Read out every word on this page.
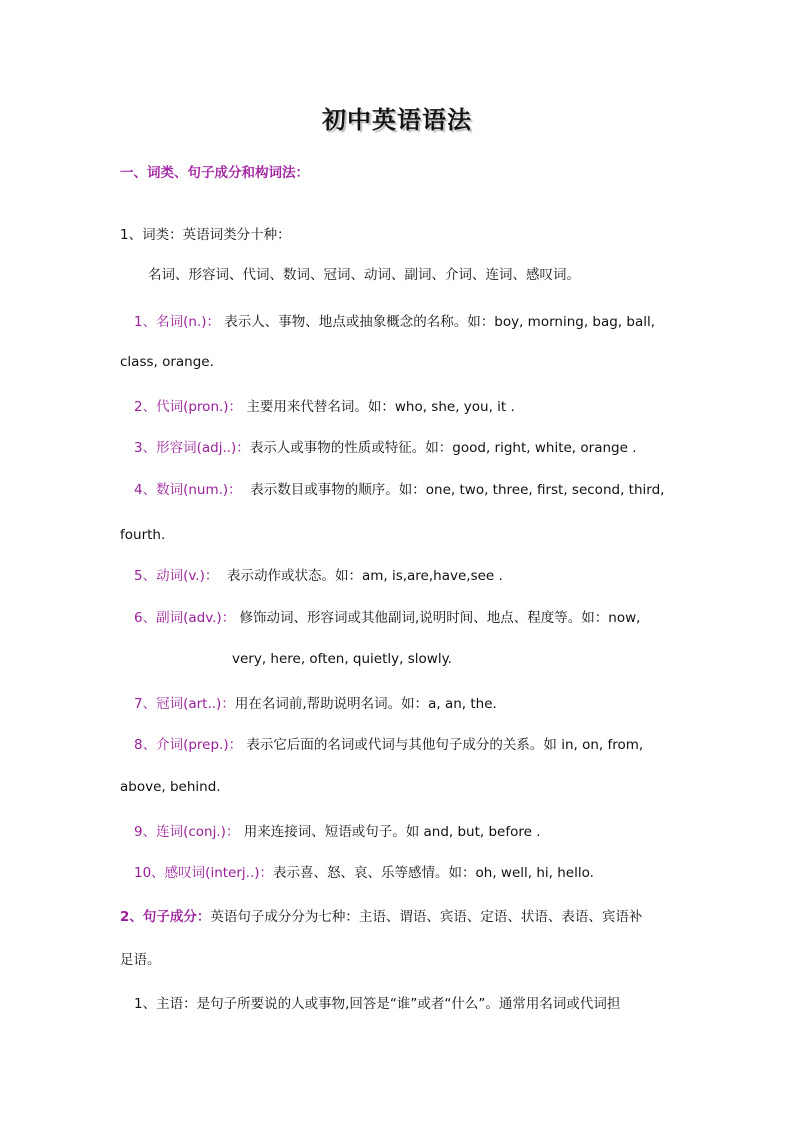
初中英语语法
一、词类、句子成分和构词法：
1、词类：英语词类分十种：
名词、形容词、代词、数词、冠词、动词、副词、介词、连词、感叹词。
1、名词(n.)： 表示人、事物、地点或抽象概念的名称。如：boy, morning, bag, ball,
class, orange.
2、代词(pron.)： 主要用来代替名词。如：who, she, you, it .
3、形容词(adj..)：表示人或事物的性质或特征。如：good, right, white, orange .
4、数词(num.)： 表示数目或事物的顺序。如：one, two, three, first, second, third,
fourth.
5、动词(v.)： 表示动作或状态。如：am, is,are,have,see .
6、副词(adv.)： 修饰动词、形容词或其他副词,说明时间、地点、程度等。如：now,
very, here, often, quietly, slowly.
7、冠词(art..)：用在名词前,帮助说明名词。如：a, an, the.
8、介词(prep.)： 表示它后面的名词或代词与其他句子成分的关系。如 in, on, from,
above, behind.
9、连词(conj.)： 用来连接词、短语或句子。如 and, but, before .
10、感叹词(interj..)：表示喜、怒、哀、乐等感情。如：oh, well, hi, hello.
2、句子成分：英语句子成分分为七种：主语、谓语、宾语、定语、状语、表语、宾语补
足语。
1、主语：是句子所要说的人或事物,回答是“谁”或者“什么”。通常用名词或代词担
